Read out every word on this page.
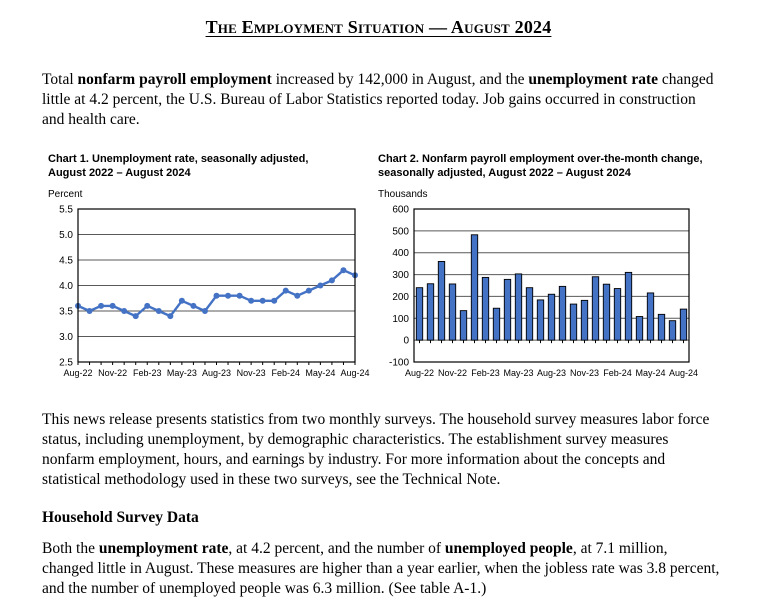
The Employment Situation — August 2024
Total nonfarm payroll employment increased by 142,000 in August, and the unemployment rate changed little at 4.2 percent, the U.S. Bureau of Labor Statistics reported today. Job gains occurred in construction and health care.
Chart 1. Unemployment rate, seasonally adjusted,
August 2022 – August 2024
Percent
2.5
3.0
3.5
4.0
4.5
5.0
5.5
Aug-22 Nov-22 Feb-23 May-23 Aug-23 Nov-23 Feb-24 May-24 Aug-24
Chart 2. Nonfarm payroll employment over-the-month change,
seasonally adjusted, August 2022 – August 2024
Thousands
-100
0
100
200
300
400
500
600
Aug-22 Nov-22 Feb-23 May-23 Aug-23 Nov-23 Feb-24 May-24 Aug-24
This news release presents statistics from two monthly surveys. The household survey measures labor force status, including unemployment, by demographic characteristics. The establishment survey measures nonfarm employment, hours, and earnings by industry. For more information about the concepts and statistical methodology used in these two surveys, see the Technical Note.
Household Survey Data
Both the unemployment rate, at 4.2 percent, and the number of unemployed people, at 7.1 million, changed little in August. These measures are higher than a year earlier, when the jobless rate was 3.8 percent, and the number of unemployed people was 6.3 million. (See table A-1.)
